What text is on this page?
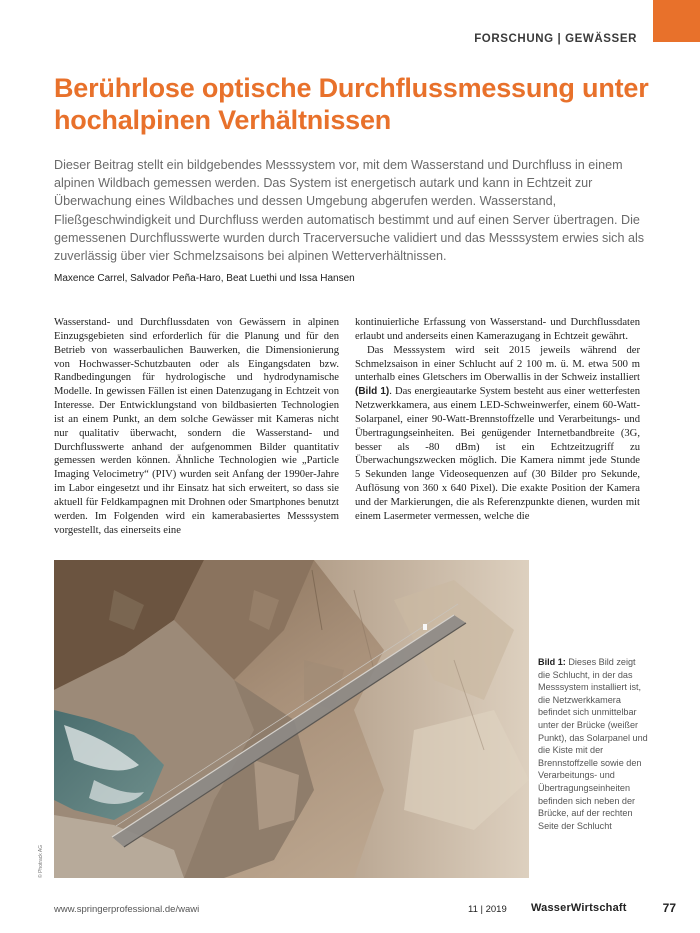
FORSCHUNG | GEWÄSSER
Berührlose optische Durchflussmessung unter hochalpinen Verhältnissen

Dieser Beitrag stellt ein bildgebendes Messsystem vor, mit dem Wasserstand und Durchfluss in einem alpinen Wildbach gemessen werden. Das System ist energetisch autark und kann in Echtzeit zur Überwachung eines Wildbaches und dessen Umgebung abgerufen werden. Wasserstand, Fließgeschwindigkeit und Durchfluss werden automatisch bestimmt und auf einen Server übertragen. Die gemessenen Durchflusswerte wurden durch Tracerversuche validiert und das Messsystem erwies sich als zuverlässig über vier Schmelzsaisons bei alpinen Wetterverhältnissen.

Maxence Carrel, Salvador Peña-Haro, Beat Luethi und Issa Hansen

Wasserstand- und Durchflussdaten von Gewässern in alpinen Einzugsgebieten sind erforderlich für die Planung und für den Betrieb von wasserbaulichen Bauwerken, die Dimensionierung von Hochwasser-Schutzbauten oder als Eingangsdaten bzw. Randbedingungen für hydrologische und hydrodynamische Modelle. In gewissen Fällen ist einen Datenzugang in Echtzeit von Interesse. Der Entwicklungstand von bildbasierten Technologien ist an einem Punkt, an dem solche Gewässer mit Kameras nicht nur qualitativ überwacht, sondern die Wasserstand- und Durchflusswerte anhand der aufgenommen Bilder quantitativ gemessen werden können. Ähnliche Technologien wie „Particle Imaging Velocimetry“ (PIV) wurden seit Anfang der 1990er-Jahre im Labor eingesetzt und ihr Einsatz hat sich erweitert, so dass sie aktuell für Feldkampagnen mit Drohnen oder Smartphones benutzt werden. Im Folgenden wird ein kamerabasiertes Messsystem vorgestellt, das einerseits eine

kontinuierliche Erfassung von Wasserstand- und Durchflussdaten erlaubt und anderseits einen Kamerazugang in Echtzeit gewährt.

Das Messsystem wird seit 2015 jeweils während der Schmelzsaison in einer Schlucht auf 2 100 m. ü. M. etwa 500 m unterhalb eines Gletschers im Oberwallis in der Schweiz installiert (Bild 1). Das energieautarke System besteht aus einer wetterfesten Netzwerkkamera, aus einem LED-Schweinwerfer, einem 60-Watt-Solarpanel, einer 90-Watt-Brennstoffzelle und Verarbeitungs- und Übertragungseinheiten. Bei genügender Internetbandbreite (3G, besser als -80 dBm) ist ein Echtzeitzugriff zu Überwachungszwecken möglich. Die Kamera nimmt jede Stunde 5 Sekunden lange Videosequenzen auf (30 Bilder pro Sekunde, Auflösung von 360 x 640 Pixel). Die exakte Position der Kamera und der Markierungen, die als Referenzpunkte dienen, wurden mit einem Lasermeter vermessen, welche die

© Photrack AG
Bild 1: Dieses Bild zeigt die Schlucht, in der das Messsystem installiert ist, die Netzwerkkamera befindet sich unmittelbar unter der Brücke (weißer Punkt), das Solarpanel und die Kiste mit der Brennstoffzelle sowie den Verarbeitungs- und Übertragungseinheiten befinden sich neben der Brücke, auf der rechten Seite der Schlucht
www.springerprofessional.de/wawi	11 | 2019 WasserWirtschaft	77
